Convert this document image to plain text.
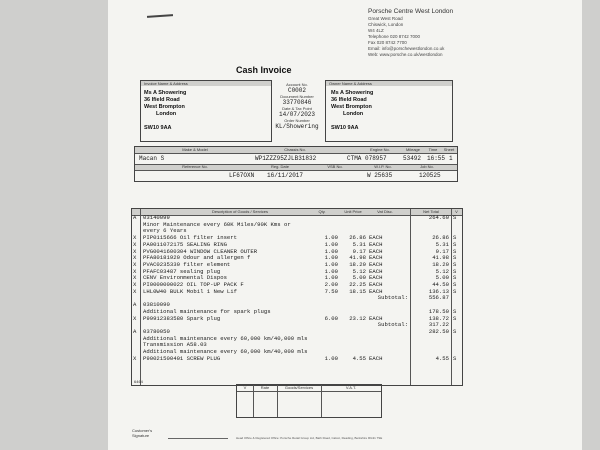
Porsche Centre West London
Great West Road
Chiswick, London
W4 4LZ
Telephone 020 8742 7000
Fax 020 8742 7700
Email: info@porschewestlondon.co.uk
Web: www.porsche.co.uk/westlondon
Cash Invoice
Invoice Name & Address
Ms A Showering
36 Ifield Road
West Brompton
London
SW10 9AA
Account No.
C0002
Document Number
33770846
Date & Tax Point
14/07/2023
Order Number
KL/Showering
Owner Name & Address
Ms A Showering
36 Ifield Road
West Brompton
London
SW10 9AA
Make & Model	Chassis No.	Engine No.	Mileage	Time	Sheet
Macan S	WP1ZZZ95ZJLB31832	CTMA 078957	53492 16:55 1
Reference No.	Reg. Date	VSB No.	W.I.P. No.	Job No.
LF67OXN 16/11/2017	W 25635	120525
Description of Goods / Services	Qty.	Unit Price	Vat Disc.	Net Total	V
A 03140099	264.60 S
Minor Maintenance every 60K Miles/90K Kms or
every 6 Years
X PIP0115666 Oil filter insert	1.00	26.86 EACH	26.86 S
X PA0011072175 SEALING RING	1.00	5.31 EACH	5.31 S
X PVG0041600304 WINDOW CLEANER OUTER	1.00	9.17 EACH	9.17 S
X PFA80181920 Odour and allergen f	1.00	41.98 EACH	41.98 S
X PVAC0235330 filter element	1.00	18.20 EACH	18.20 S
X PFAFC03487 sealing plug	1.00	5.12 EACH	5.12 S
X CENV Environmental Dispos	1.00	5.00 EACH	5.00 S
X PI0000000022 OIL TOP-UP PACK F	2.00	22.25 EACH	44.50 S
X LHL0W40 BULK Mobil 1 New Lif	7.50	18.15 EACH	136.13 S
Subtotal:	556.87
A 03810090
Additional maintenance for spark plugs	178.50 S
X P99912383580 Spark plug	6.00	23.12 EACH	138.72 S
Subtotal:	317.22
A 03780050	282.50 S
Additional maintenance every 60,000 km/40,000 mls
Transmission A58.03
Additional maintenance every 60,000 km/40,000 mls
X P90021500401 SCREW PLUG	1.00	4.55 EACH	4.55 S
6464
V	Rate	Goods/Services	V.A.T.
Customer's Signature	Head Office & Registered Office: Porsche Retail Group Ltd, Bath Road, Calcot, Reading, Berkshire RG31 7SE
